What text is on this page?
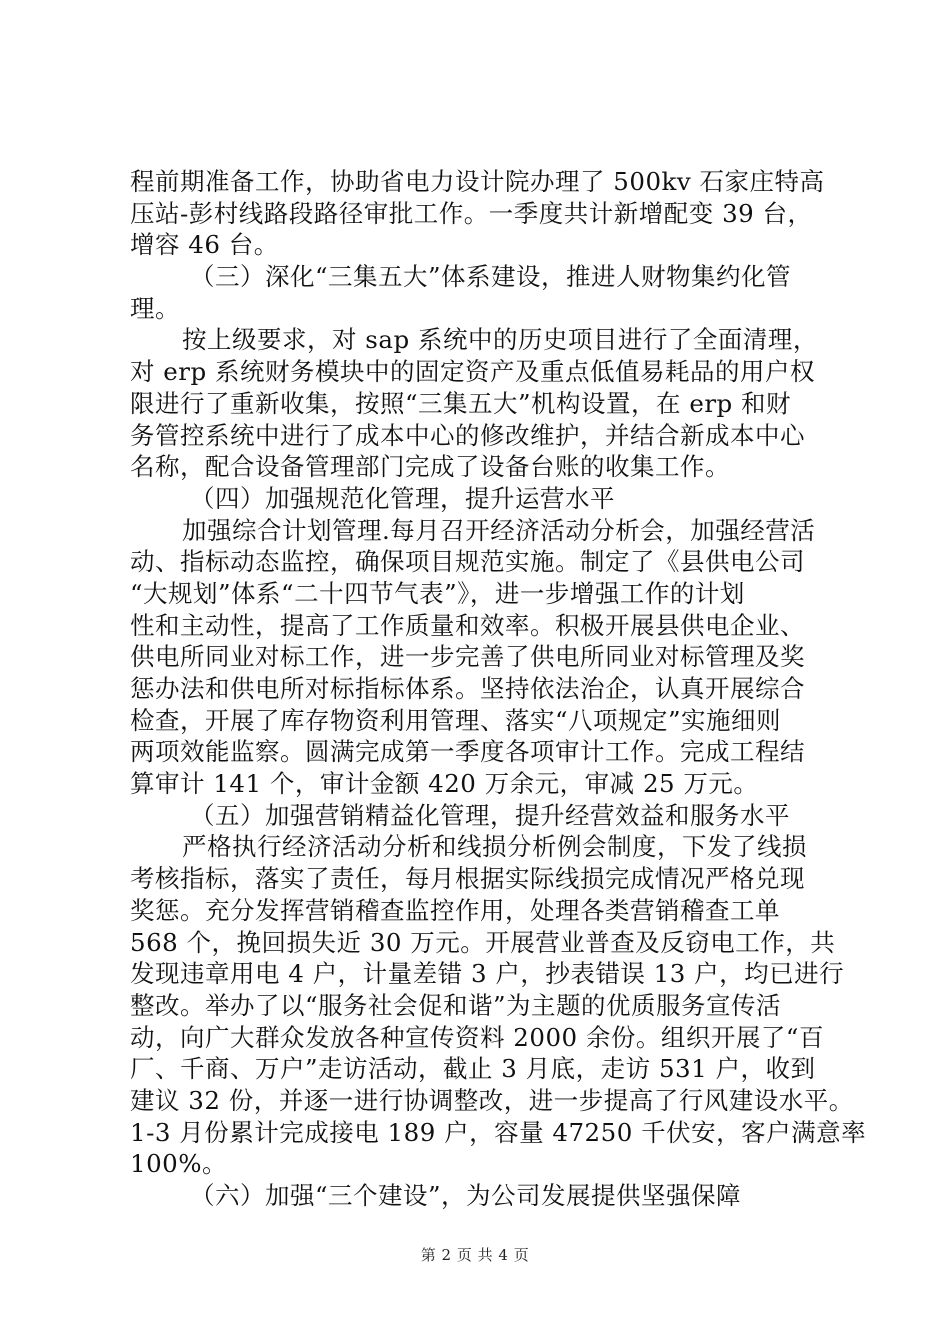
程前期准备工作，协助省电力设计院办理了 500kv 石家庄特高
压站-彭村线路段路径审批工作。一季度共计新增配变 39 台，
增容 46 台。
（三）深化“三集五大”体系建设，推进人财物集约化管
理。
按上级要求，对 sap 系统中的历史项目进行了全面清理，
对 erp 系统财务模块中的固定资产及重点低值易耗品的用户权
限进行了重新收集，按照“三集五大”机构设置，在 erp 和财
务管控系统中进行了成本中心的修改维护，并结合新成本中心
名称，配合设备管理部门完成了设备台账的收集工作。
（四）加强规范化管理，提升运营水平
加强综合计划管理.每月召开经济活动分析会，加强经营活
动、指标动态监控，确保项目规范实施。制定了《县供电公司
“大规划”体系“二十四节气表”》，进一步增强工作的计划
性和主动性，提高了工作质量和效率。积极开展县供电企业、
供电所同业对标工作，进一步完善了供电所同业对标管理及奖
惩办法和供电所对标指标体系。坚持依法治企，认真开展综合
检查，开展了库存物资利用管理、落实“八项规定”实施细则
两项效能监察。圆满完成第一季度各项审计工作。完成工程结
算审计 141 个，审计金额 420 万余元，审减 25 万元。
（五）加强营销精益化管理，提升经营效益和服务水平
严格执行经济活动分析和线损分析例会制度，下发了线损
考核指标，落实了责任，每月根据实际线损完成情况严格兑现
奖惩。充分发挥营销稽查监控作用，处理各类营销稽查工单
568 个，挽回损失近 30 万元。开展营业普查及反窃电工作，共
发现违章用电 4 户，计量差错 3 户，抄表错误 13 户，均已进行
整改。举办了以“服务社会促和谐”为主题的优质服务宣传活
动，向广大群众发放各种宣传资料 2000 余份。组织开展了“百
厂、千商、万户”走访活动，截止 3 月底，走访 531 户，收到
建议 32 份，并逐一进行协调整改，进一步提高了行风建设水平。
1-3 月份累计完成接电 189 户，容量 47250 千伏安，客户满意率
100%。
（六）加强“三个建设”，为公司发展提供坚强保障
第 2 页 共 4 页
